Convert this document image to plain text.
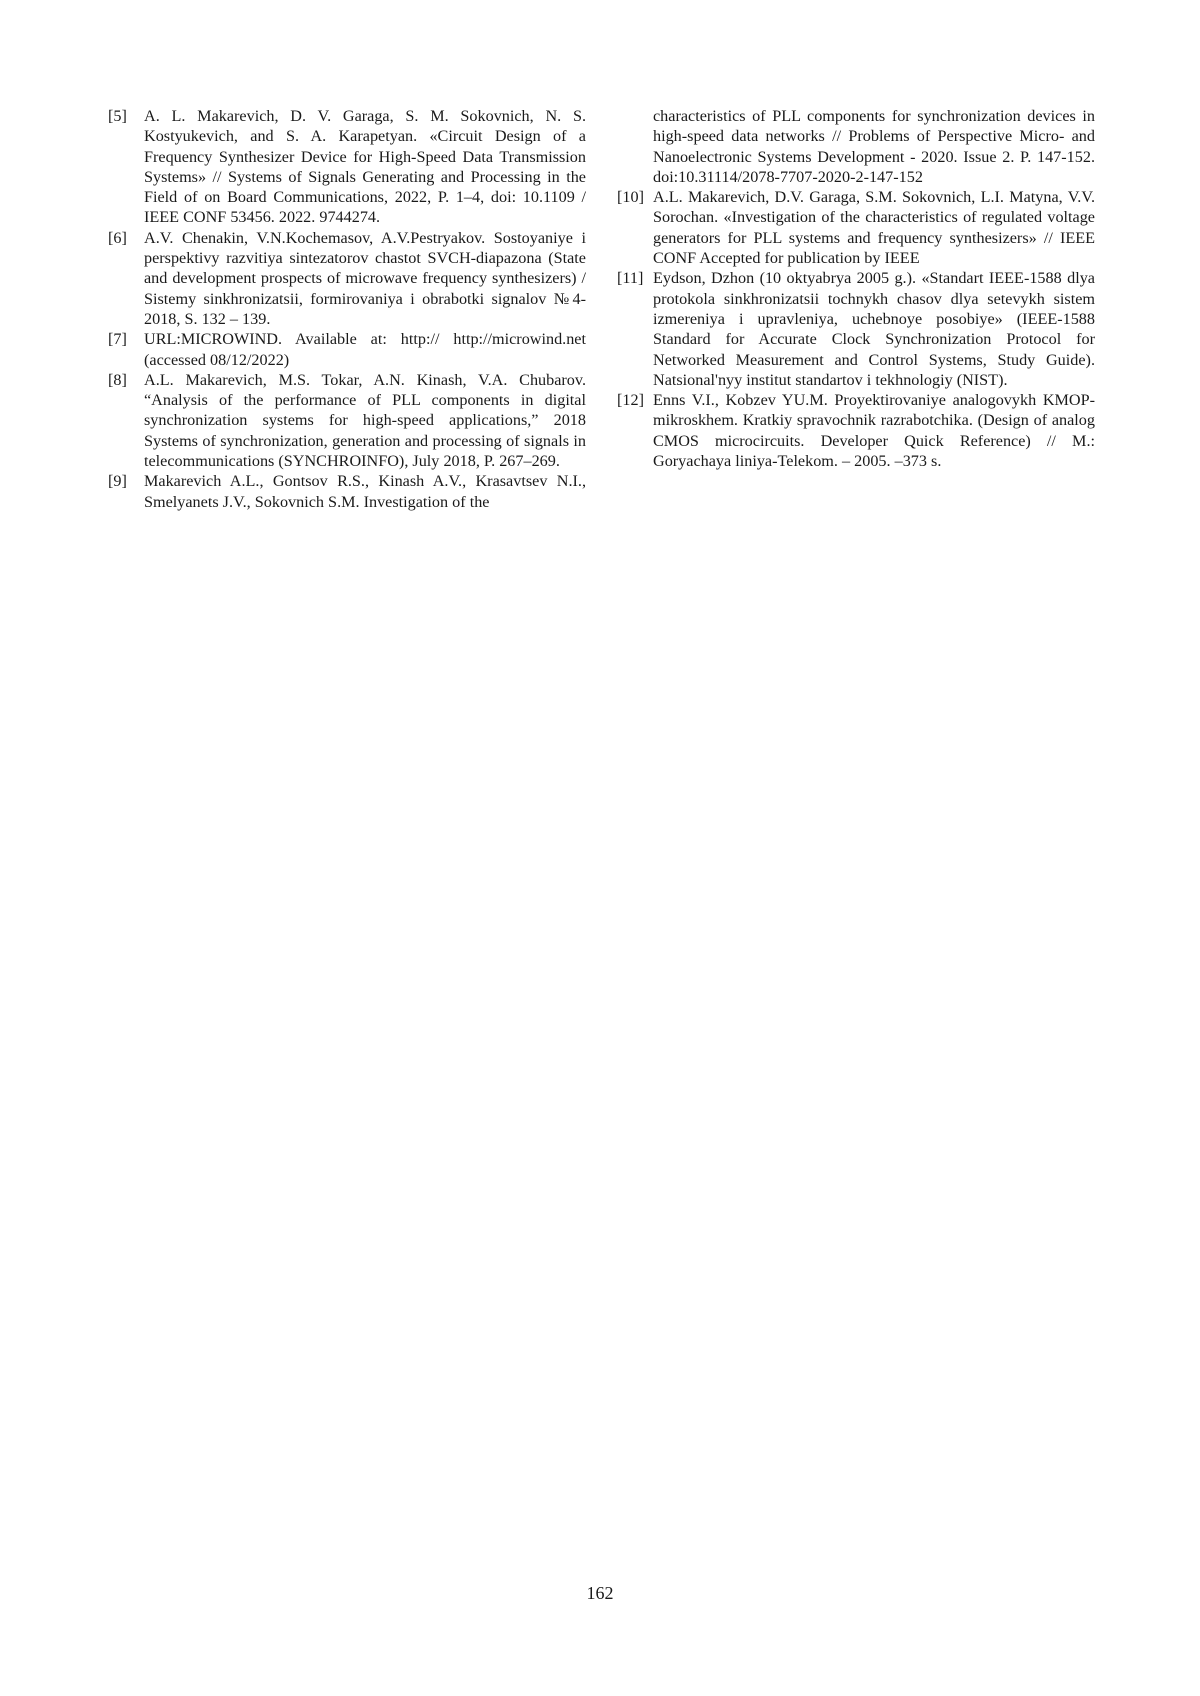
[5]	A. L. Makarevich, D. V. Garaga, S. M. Sokovnich, N. S. Kostyukevich, and S. A. Karapetyan. «Circuit Design of a Frequency Synthesizer Device for High-Speed Data Transmission Systems» // Systems of Signals Generating and Processing in the Field of on Board Communications, 2022, P. 1–4, doi: 10.1109 / IEEE CONF 53456. 2022. 9744274.
[6]	A.V. Chenakin, V.N.Kochemasov, A.V.Pestryakov. Sostoyaniye i perspektivy razvitiya sintezatorov chastot SVCH-diapazona (State and development prospects of microwave frequency synthesizers) / Sistemy sinkhronizatsii, formirovaniya i obrabotki signalov №4-2018, S. 132 – 139.
[7]	URL:MICROWIND. Available at: http:// http://microwind.net (accessed 08/12/2022)
[8]	A.L. Makarevich, M.S. Tokar, A.N. Kinash, V.A. Chubarov. “Analysis of the performance of PLL components in digital synchronization systems for high-speed applications,” 2018 Systems of synchronization, generation and processing of signals in telecommunications (SYNCHROINFO), July 2018, P. 267–269.
[9]	Makarevich A.L., Gontsov R.S., Kinash A.V., Krasavtsev N.I., Smelyanets J.V., Sokovnich S.M. Investigation of the

characteristics of PLL components for synchronization devices in high-speed data networks // Problems of Perspective Micro- and Nanoelectronic Systems Development - 2020. Issue 2. P. 147-152. doi:10.31114/2078-7707-2020-2-147-152

[10] A.L. Makarevich, D.V. Garaga, S.M. Sokovnich, L.I. Matyna, V.V. Sorochan. «Investigation of the characteristics of regulated voltage generators for PLL systems and frequency synthesizers» // IEEE CONF Accepted for publication by IEEE
[11] Eydson, Dzhon (10 oktyabrya 2005 g.). «Standart IEEE-1588 dlya protokola sinkhronizatsii tochnykh chasov dlya setevykh sistem izmereniya i upravleniya, uchebnoye posobiye» (IEEE-1588 Standard for Accurate Clock Synchronization Protocol for Networked Measurement and Control Systems, Study Guide). Natsional'nyy institut standartov i tekhnologiy (NIST).
[12] Enns V.I., Kobzev YU.M. Proyektirovaniye analogovykh KMOP-mikroskhem. Kratkiy spravochnik razrabotchika. (Design of analog CMOS microcircuits. Developer Quick Reference) // M.: Goryachaya liniya-Telekom. – 2005. –373 s.
162
